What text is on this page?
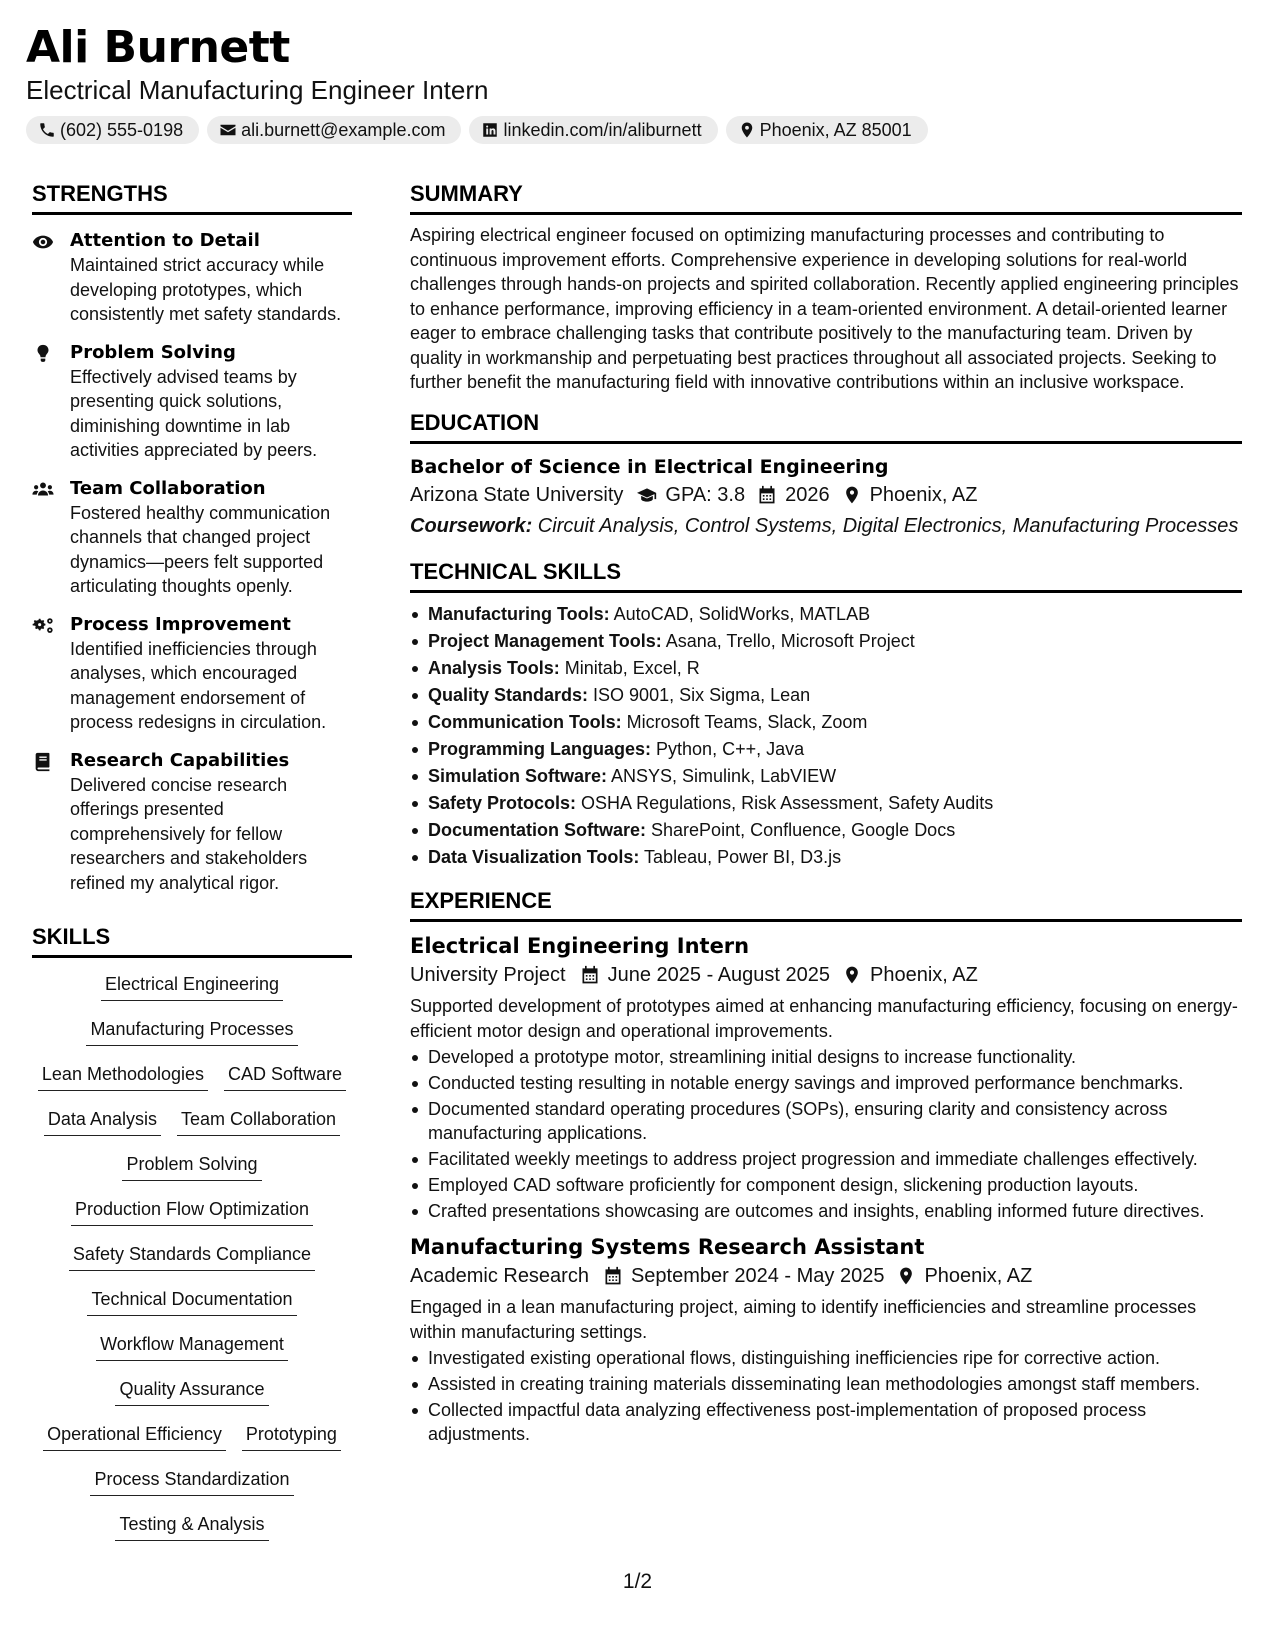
Ali Burnett
Electrical Manufacturing Engineer Intern
(602) 555-0198	ali.burnett@example.com	linkedin.com/in/aliburnett	Phoenix, AZ 85001
STRENGTHS
Attention to Detail
Maintained strict accuracy while developing prototypes, which consistently met safety standards.
Problem Solving
Effectively advised teams by presenting quick solutions, diminishing downtime in lab activities appreciated by peers.
Team Collaboration
Fostered healthy communication channels that changed project dynamics—peers felt supported articulating thoughts openly.
Process Improvement
Identified inefficiencies through analyses, which encouraged management endorsement of process redesigns in circulation.
Research Capabilities
Delivered concise research offerings presented comprehensively for fellow researchers and stakeholders refined my analytical rigor.
SKILLS
Electrical Engineering
Manufacturing Processes
Lean Methodologies CAD Software
Data Analysis Team Collaboration
Problem Solving
Production Flow Optimization
Safety Standards Compliance
Technical Documentation
Workflow Management
Quality Assurance
Operational Efficiency Prototyping
Process Standardization
Testing & Analysis
SUMMARY
Aspiring electrical engineer focused on optimizing manufacturing processes and contributing to continuous improvement efforts. Comprehensive experience in developing solutions for real-world challenges through hands-on projects and spirited collaboration. Recently applied engineering principles to enhance performance, improving efficiency in a team-oriented environment. A detail-oriented learner eager to embrace challenging tasks that contribute positively to the manufacturing team. Driven by quality in workmanship and perpetuating best practices throughout all associated projects. Seeking to further benefit the manufacturing field with innovative contributions within an inclusive workspace.
EDUCATION
Bachelor of Science in Electrical Engineering
Arizona State University GPA: 3.8 2026 Phoenix, AZ
Coursework: Circuit Analysis, Control Systems, Digital Electronics, Manufacturing Processes
TECHNICAL SKILLS
Manufacturing Tools: AutoCAD, SolidWorks, MATLAB
Project Management Tools: Asana, Trello, Microsoft Project
Analysis Tools: Minitab, Excel, R
Quality Standards: ISO 9001, Six Sigma, Lean
Communication Tools: Microsoft Teams, Slack, Zoom
Programming Languages: Python, C++, Java
Simulation Software: ANSYS, Simulink, LabVIEW
Safety Protocols: OSHA Regulations, Risk Assessment, Safety Audits
Documentation Software: SharePoint, Confluence, Google Docs
Data Visualization Tools: Tableau, Power BI, D3.js
EXPERIENCE
Electrical Engineering Intern
University Project June 2025 - August 2025 Phoenix, AZ
Supported development of prototypes aimed at enhancing manufacturing efficiency, focusing on energy-efficient motor design and operational improvements.
Developed a prototype motor, streamlining initial designs to increase functionality.
Conducted testing resulting in notable energy savings and improved performance benchmarks.
Documented standard operating procedures (SOPs), ensuring clarity and consistency across manufacturing applications.
Facilitated weekly meetings to address project progression and immediate challenges effectively.
Employed CAD software proficiently for component design, slickening production layouts.
Crafted presentations showcasing are outcomes and insights, enabling informed future directives.
Manufacturing Systems Research Assistant
Academic Research September 2024 - May 2025 Phoenix, AZ
Engaged in a lean manufacturing project, aiming to identify inefficiencies and streamline processes within manufacturing settings.
Investigated existing operational flows, distinguishing inefficiencies ripe for corrective action.
Assisted in creating training materials disseminating lean methodologies amongst staff members.
Collected impactful data analyzing effectiveness post-implementation of proposed process adjustments.
1/2
